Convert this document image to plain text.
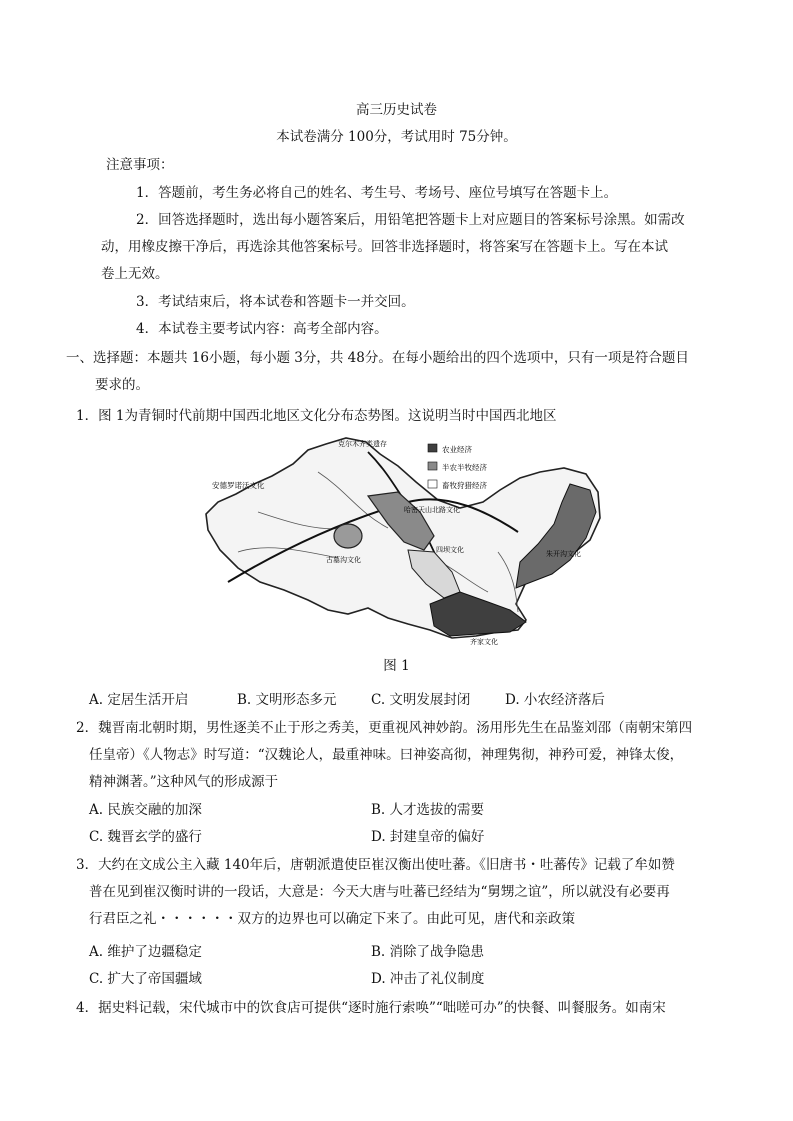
高三历史试卷
本试卷满分 100分，考试用时 75分钟。
注意事项：
1．答题前，考生务必将自己的姓名、考生号、考场号、座位号填写在答题卡上。
2．回答选择题时，选出每小题答案后，用铅笔把答题卡上对应题目的答案标号涂黑。如需改
动，用橡皮擦干净后，再选涂其他答案标号。回答非选择题时，将答案写在答题卡上。写在本试
卷上无效。
3．考试结束后，将本试卷和答题卡一并交回。
4．本试卷主要考试内容：高考全部内容。
一、选择题：本题共 16小题，每小题 3分，共 48分。在每小题给出的四个选项中，只有一项是符合题目
要求的。
1．图 1为青铜时代前期中国西北地区文化分布态势图。这说明当时中国西北地区
农业经济
半农半牧经济
畜牧狩猎经济
克尔木齐类遗存
安德罗诺沃文化
哈密天山北路文化
古墓沟文化
四坝文化	朱开沟文化
齐家文化
图 1
A. 定居生活开启	B. 文明形态多元	C. 文明发展封闭	D. 小农经济落后
2．魏晋南北朝时期，男性逐美不止于形之秀美，更重视风神妙韵。汤用彤先生在品鉴刘邵（南朝宋第四
任皇帝）《人物志》时写道：“汉魏论人，最重神味。曰神姿高彻，神理隽彻，神矜可爱，神锋太俊，
精神渊著。”这种风气的形成源于
A. 民族交融的加深	B. 人才选拔的需要
C. 魏晋玄学的盛行	D. 封建皇帝的偏好
3．大约在文成公主入藏 140年后，唐朝派遣使臣崔汉衡出使吐蕃。《旧唐书・吐蕃传》记载了牟如赞
普在见到崔汉衡时讲的一段话，大意是：今天大唐与吐蕃已经结为“舅甥之谊”，所以就没有必要再
行君臣之礼・・・・・・双方的边界也可以确定下来了。由此可见，唐代和亲政策
A. 维护了边疆稳定	B. 消除了战争隐患
C. 扩大了帝国疆域	D. 冲击了礼仪制度
4．据史料记载，宋代城市中的饮食店可提供“逐时施行索唤”“咄嗟可办”的快餐、叫餐服务。如南宋
